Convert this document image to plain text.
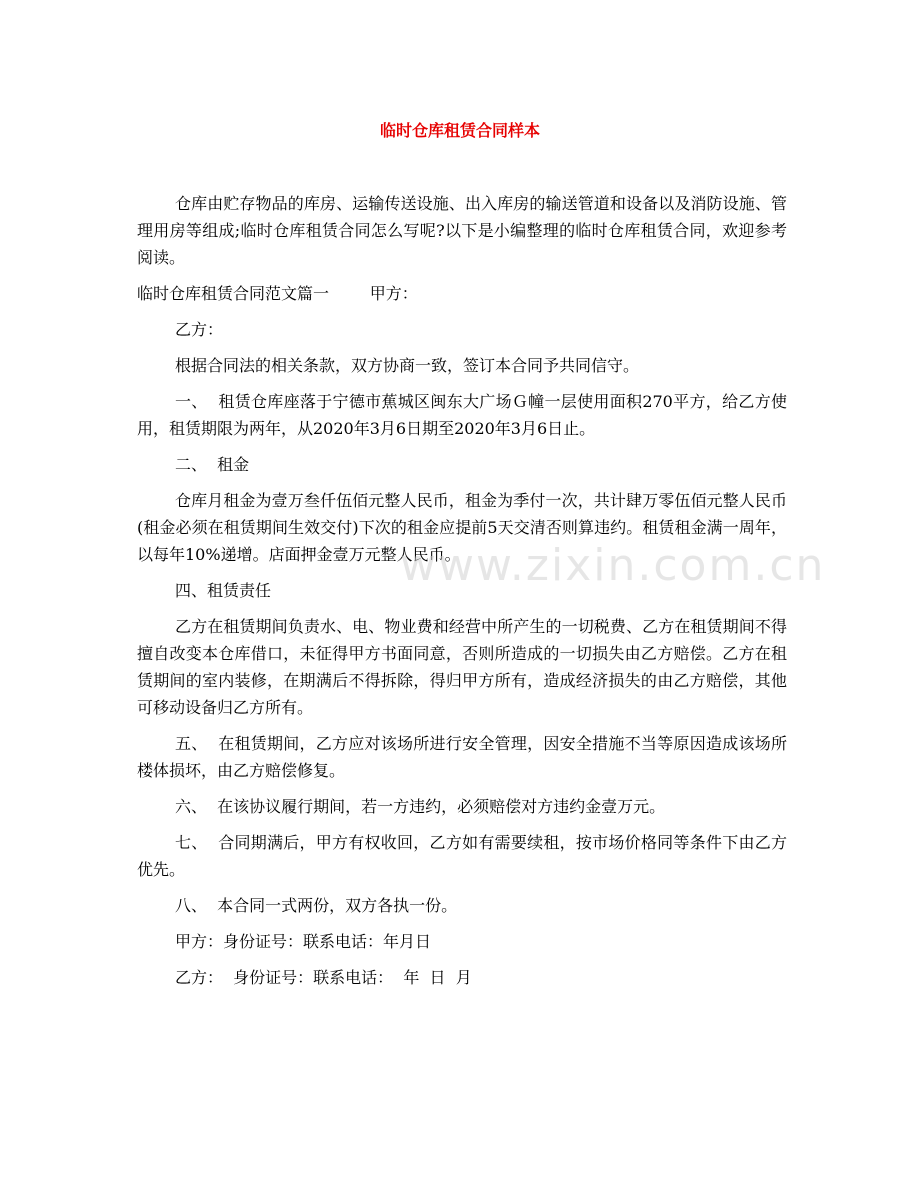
临时仓库租赁合同样本

仓库由贮存物品的库房、运输传送设施、出入库房的输送管道和设备以及消防设施、管理用房等组成;临时仓库租赁合同怎么写呢?以下是小编整理的临时仓库租赁合同，欢迎参考阅读。

临时仓库租赁合同范文篇一        甲方：

乙方：

根据合同法的相关条款，双方协商一致，签订本合同予共同信守。

一、  租赁仓库座落于宁德市蕉城区闽东大广场Ｇ幢一层使用面积270平方，给乙方使用，租赁期限为两年，从2020年3月6日期至2020年3月6日止。

二、  租金

仓库月租金为壹万叁仟伍佰元整人民币，租金为季付一次，共计肆万零伍佰元整人民币(租金必须在租赁期间生效交付)下次的租金应提前5天交清否则算违约。租赁租金满一周年，以每年10%递增。店面押金壹万元整人民币。

四、租赁责任

乙方在租赁期间负责水、电、物业费和经营中所产生的一切税费、乙方在租赁期间不得擅自改变本仓库借口，未征得甲方书面同意，否则所造成的一切损失由乙方赔偿。乙方在租赁期间的室内装修，在期满后不得拆除，得归甲方所有，造成经济损失的由乙方赔偿，其他可移动设备归乙方所有。

五、  在租赁期间，乙方应对该场所进行安全管理，因安全措施不当等原因造成该场所楼体损坏，由乙方赔偿修复。

六、  在该协议履行期间，若一方违约，必须赔偿对方违约金壹万元。

七、  合同期满后，甲方有权收回，乙方如有需要续租，按市场价格同等条件下由乙方优先。

八、  本合同一式两份，双方各执一份。

甲方：身份证号：联系电话：年月日

乙方：  身份证号：联系电话：  年  日  月

www.zixin.com.cn
